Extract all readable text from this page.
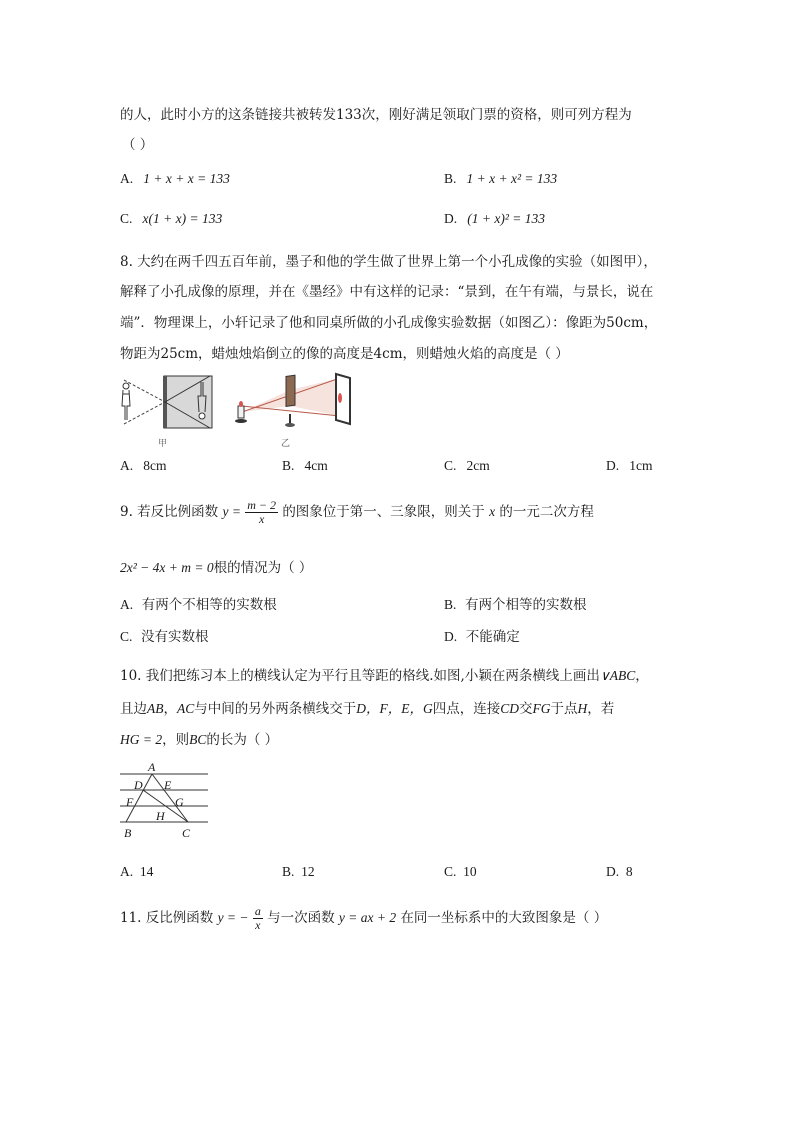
的人，此时小方的这条链接共被转发133次，刚好满足领取门票的资格，则可列方程为
（ ）
A. 1 + x + x = 133	B. 1 + x + x² = 133
C. x(1 + x) = 133	D. (1 + x)² = 133
8. 大约在两千四五百年前，墨子和他的学生做了世界上第一个小孔成像的实验（如图甲），
解释了小孔成像的原理，并在《墨经》中有这样的记录：“景到，在午有端，与景长，说在
端”．物理课上，小轩记录了他和同桌所做的小孔成像实验数据（如图乙）：像距为50cm，
物距为25cm，蜡烛烛焰倒立的像的高度是4cm，则蜡烛火焰的高度是（ ）
甲	乙
A. 8cm	B. 4cm	C. 2cm	D. 1cm
9. 若反比例函数 $y = \frac{m - 2}{x}$ 的图象位于第一、三象限，则关于 x 的一元二次方程
2x² − 4x + m = 0根的情况为（ ）
A. 有两个不相等的实数根	B. 有两个相等的实数根
C. 没有实数根	D. 不能确定
10. 我们把练习本上的横线认定为平行且等距的格线.如图,小颖在两条横线上画出∨ABC，
且边AB，AC与中间的另外两条横线交于D，F，E，G四点，连接CD交FG于点H，若
HG = 2，则BC的长为（ ）
A
D E
F	G
H
B	C
A. 14	B. 12	C. 10	D. 8
11. 反比例函数 y = − $\frac{a}{x}$ 与一次函数 y = ax + 2 在同一坐标系中的大致图象是（ ）
